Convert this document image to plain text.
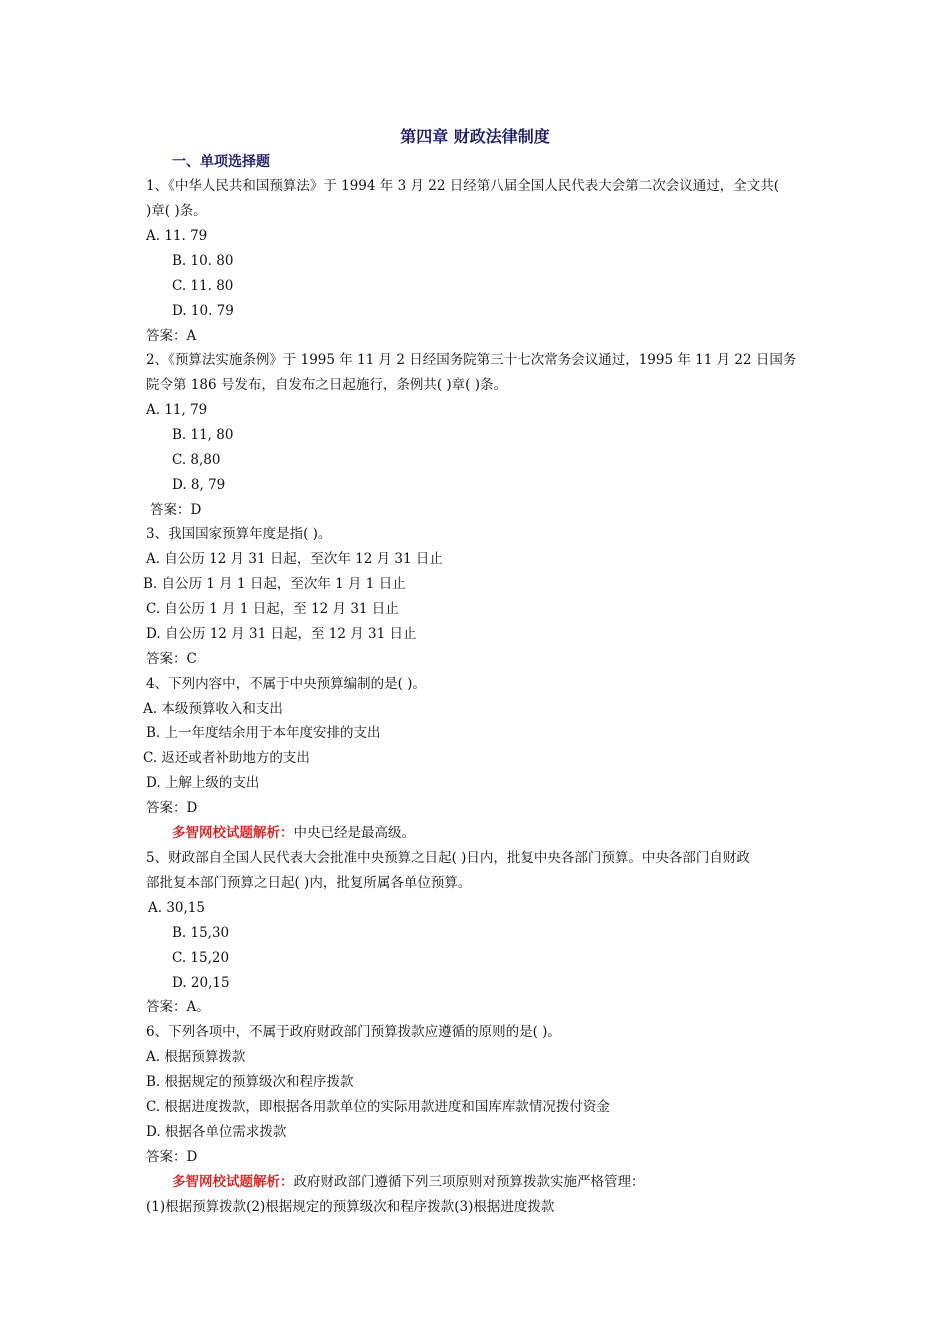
第四章 财政法律制度
一、单项选择题
1、《中华人民共和国预算法》于 1994 年 3 月 22 日经第八届全国人民代表大会第二次会议通过，全文共(
)章( )条。
A. 11. 79
B. 10. 80
C. 11. 80
D. 10. 79
答案：A
2、《预算法实施条例》于 1995 年 11 月 2 日经国务院第三十七次常务会议通过，1995 年 11 月 22 日国务
院令第 186 号发布，自发布之日起施行，条例共( )章( )条。
A. 11, 79
B. 11, 80
C. 8,80
D. 8, 79
答案：D
3、我国国家预算年度是指( )。
A. 自公历 12 月 31 日起，至次年 12 月 31 日止
B. 自公历 1 月 1 日起，至次年 1 月 1 日止
C. 自公历 1 月 1 日起，至 12 月 31 日止
D. 自公历 12 月 31 日起，至 12 月 31 日止
答案：C
4、下列内容中，不属于中央预算编制的是( )。
A. 本级预算收入和支出
B. 上一年度结余用于本年度安排的支出
C. 返还或者补助地方的支出
D. 上解上级的支出
答案：D
多智网校试题解析：中央已经是最高级。
5、财政部自全国人民代表大会批准中央预算之日起( )日内，批复中央各部门预算。中央各部门自财政
部批复本部门预算之日起( )内，批复所属各单位预算。
A. 30,15
B. 15,30
C. 15,20
D. 20,15
答案：A。
6、下列各项中，不属于政府财政部门预算拨款应遵循的原则的是( )。
A. 根据预算拨款
B. 根据规定的预算级次和程序拨款
C. 根据进度拨款，即根据各用款单位的实际用款进度和国库库款情况拨付资金
D. 根据各单位需求拨款
答案：D
多智网校试题解析：政府财政部门遵循下列三项原则对预算拨款实施严格管理：
(1)根据预算拨款(2)根据规定的预算级次和程序拨款(3)根据进度拨款
